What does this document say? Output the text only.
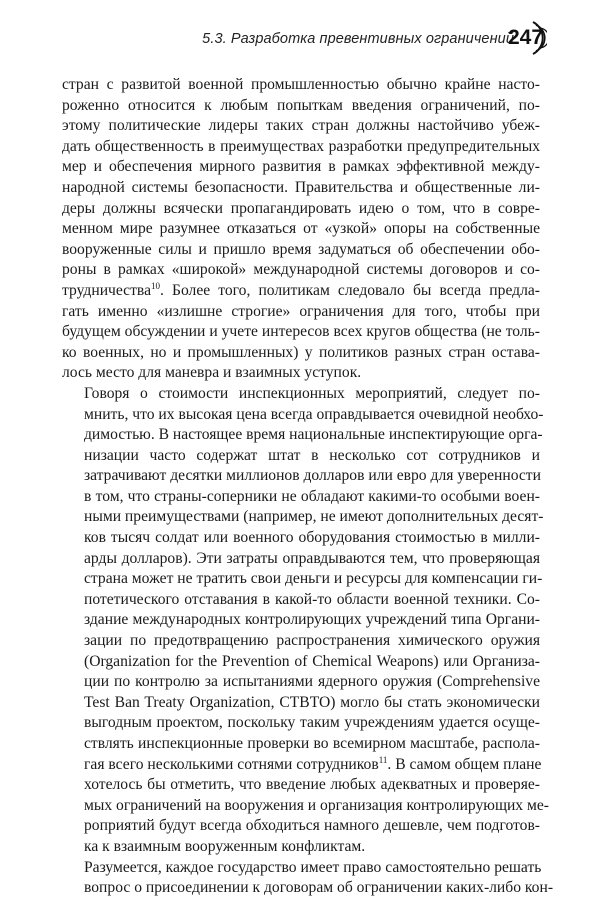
5.3. Разработка превентивных ограничений
247

стран с развитой военной промышленностью обычно крайне насто-
роженно относится к любым попыткам введения ограничений, по-
этому политические лидеры таких стран должны настойчиво убеж-
дать общественность в преимуществах разработки предупредительных
мер и обеспечения мирного развития в рамках эффективной между-
народной системы безопасности. Правительства и общественные ли-
деры должны всячески пропагандировать идею о том, что в совре-
менном мире разумнее отказаться от «узкой» опоры на собственные
вооруженные силы и пришло время задуматься об обеспечении обо-
роны в рамках «широкой» международной системы договоров и со-
трудничества$^{10}$. Более того, политикам следовало бы всегда предла-
гать именно «излишне строгие» ограничения для того, чтобы при
будущем обсуждении и учете интересов всех кругов общества (не толь-
ко военных, но и промышленных) у политиков разных стран остава-
лось место для маневра и взаимных уступок.

Говоря о стоимости инспекционных мероприятий, следует по-
мнить, что их высокая цена всегда оправдывается очевидной необхо-
димостью. В настоящее время национальные инспектирующие орга-
низации часто содержат штат в несколько сот сотрудников и
затрачивают десятки миллионов долларов или евро для уверенности
в том, что страны-соперники не обладают какими-то особыми воен-
ными преимуществами (например, не имеют дополнительных десят-
ков тысяч солдат или военного оборудования стоимостью в милли-
арды долларов). Эти затраты оправдываются тем, что проверяющая
страна может не тратить свои деньги и ресурсы для компенсации ги-
потетического отставания в какой-то области военной техники. Со-
здание международных контролирующих учреждений типа Органи-
зации по предотвращению распространения химического оружия
(Organization for the Prevention of Chemical Weapons) или Организа-
ции по контролю за испытаниями ядерного оружия (Comprehensive
Test Ban Treaty Organization, CTBTO) могло бы стать экономически
выгодным проектом, поскольку таким учреждениям удается осуще-
ствлять инспекционные проверки во всемирном масштабе, распола-
гая всего несколькими сотнями сотрудников$^{11}$. В самом общем плане
хотелось бы отметить, что введение любых адекватных и проверяе-
мых ограничений на вооружения и организация контролирующих ме-
роприятий будут всегда обходиться намного дешевле, чем подготов-
ка к взаимным вооруженным конфликтам.

Разумеется, каждое государство имеет право самостоятельно решать
вопрос о присоединении к договорам об ограничении каких-либо кон-
